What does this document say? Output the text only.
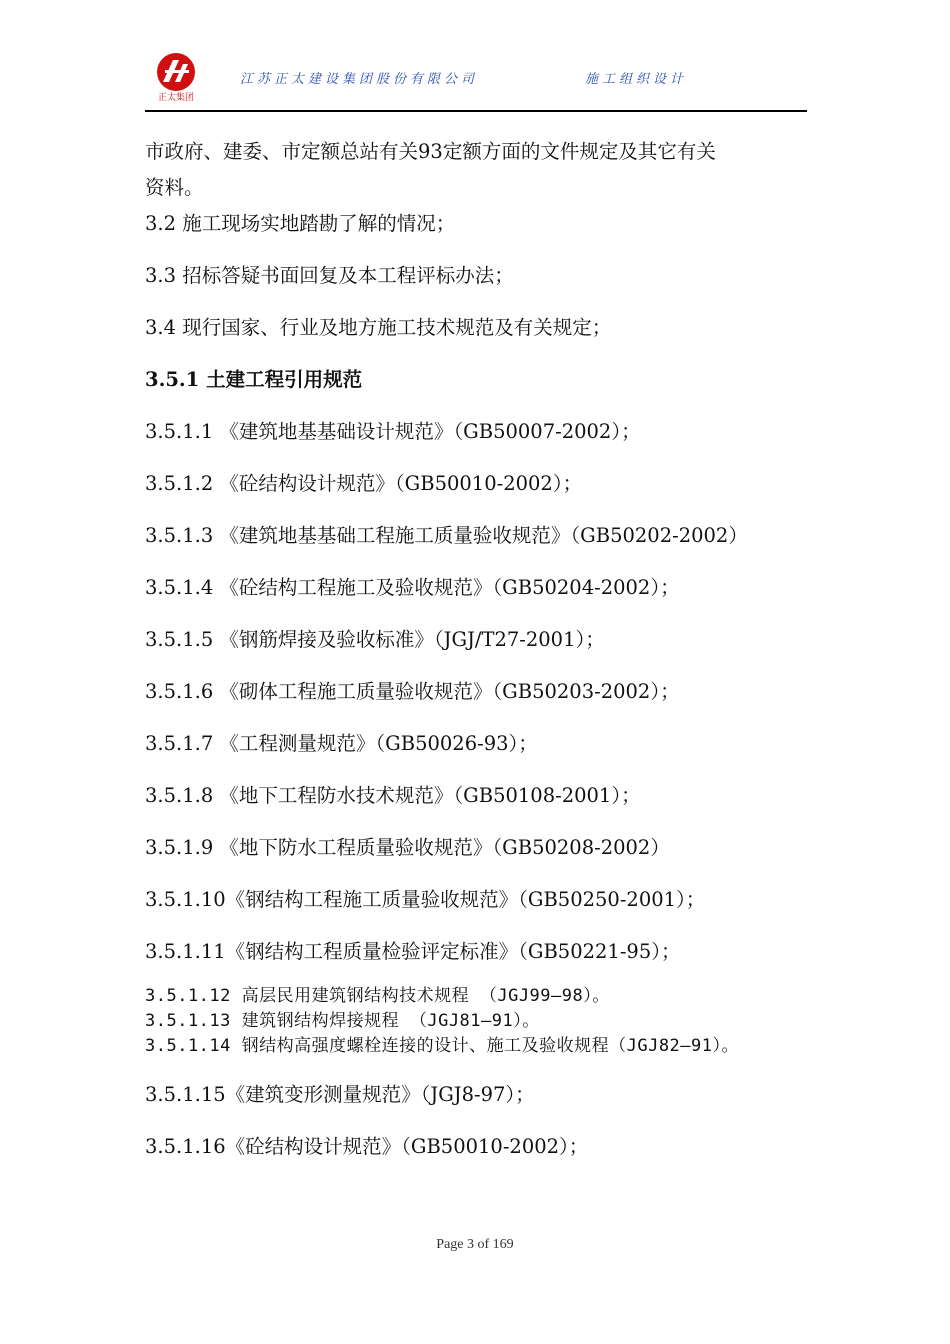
正太集团
江苏正太建设集团股份有限公司	施工组织设计

市政府、建委、市定额总站有关93定额方面的文件规定及其它有关

资料。

3.2 施工现场实地踏勘了解的情况；

3.3 招标答疑书面回复及本工程评标办法；

3.4 现行国家、行业及地方施工技术规范及有关规定；

3.5.1 土建工程引用规范

3.5.1.1 《建筑地基基础设计规范》（GB50007-2002）；

3.5.1.2 《砼结构设计规范》（GB50010-2002）；

3.5.1.3 《建筑地基基础工程施工质量验收规范》（GB50202-2002）

3.5.1.4 《砼结构工程施工及验收规范》（GB50204-2002）；

3.5.1.5 《钢筋焊接及验收标准》（JGJ/T27-2001）；

3.5.1.6 《砌体工程施工质量验收规范》（GB50203-2002）；

3.5.1.7 《工程测量规范》（GB50026-93）；

3.5.1.8 《地下工程防水技术规范》（GB50108-2001）；

3.5.1.9 《地下防水工程质量验收规范》（GB50208-2002）

3.5.1.10《钢结构工程施工质量验收规范》（GB50250-2001）；

3.5.1.11《钢结构工程质量检验评定标准》（GB50221-95）；

3.5.1.12 高层民用建筑钢结构技术规程 （JGJ99—98）。

3.5.1.13 建筑钢结构焊接规程 （JGJ81—91）。

3.5.1.14 钢结构高强度螺栓连接的设计、施工及验收规程（JGJ82—91）。

3.5.1.15《建筑变形测量规范》（JGJ8-97）；

3.5.1.16《砼结构设计规范》（GB50010-2002）；

Page 3 of 169
